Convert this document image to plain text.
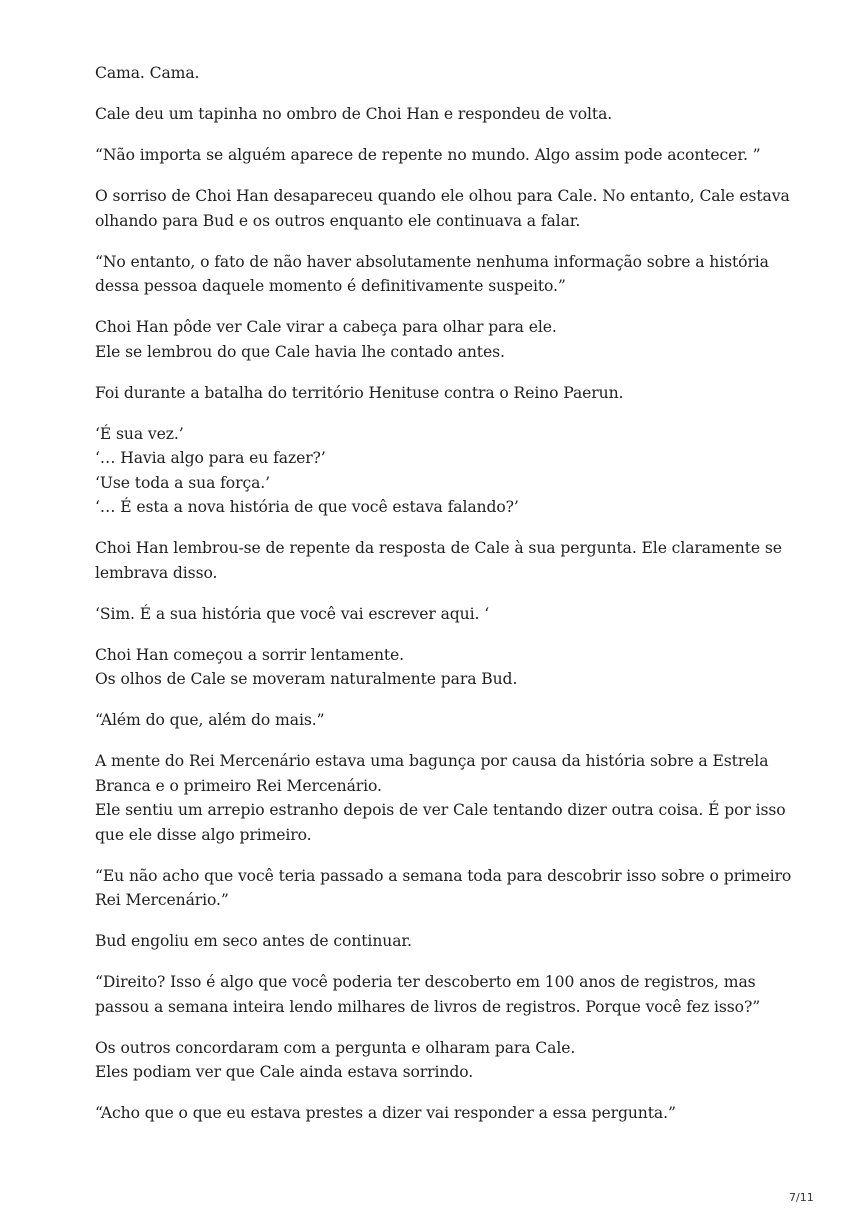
Cama. Cama.

Cale deu um tapinha no ombro de Choi Han e respondeu de volta.

“Não importa se alguém aparece de repente no mundo. Algo assim pode acontecer. ”

O sorriso de Choi Han desapareceu quando ele olhou para Cale. No entanto, Cale estava
olhando para Bud e os outros enquanto ele continuava a falar.

“No entanto, o fato de não haver absolutamente nenhuma informação sobre a história
dessa pessoa daquele momento é definitivamente suspeito.”

Choi Han pôde ver Cale virar a cabeça para olhar para ele.
Ele se lembrou do que Cale havia lhe contado antes.

Foi durante a batalha do território Henituse contra o Reino Paerun.

‘É sua vez.’
‘… Havia algo para eu fazer?’
‘Use toda a sua força.’
‘… É esta a nova história de que você estava falando?’

Choi Han lembrou-se de repente da resposta de Cale à sua pergunta. Ele claramente se
lembrava disso.

‘Sim. É a sua história que você vai escrever aqui. ‘

Choi Han começou a sorrir lentamente.
Os olhos de Cale se moveram naturalmente para Bud.

“Além do que, além do mais.”

A mente do Rei Mercenário estava uma bagunça por causa da história sobre a Estrela
Branca e o primeiro Rei Mercenário.
Ele sentiu um arrepio estranho depois de ver Cale tentando dizer outra coisa. É por isso
que ele disse algo primeiro.

“Eu não acho que você teria passado a semana toda para descobrir isso sobre o primeiro
Rei Mercenário.”

Bud engoliu em seco antes de continuar.

“Direito? Isso é algo que você poderia ter descoberto em 100 anos de registros, mas
passou a semana inteira lendo milhares de livros de registros. Porque você fez isso?”

Os outros concordaram com a pergunta e olharam para Cale.
Eles podiam ver que Cale ainda estava sorrindo.

“Acho que o que eu estava prestes a dizer vai responder a essa pergunta.”

7/11
